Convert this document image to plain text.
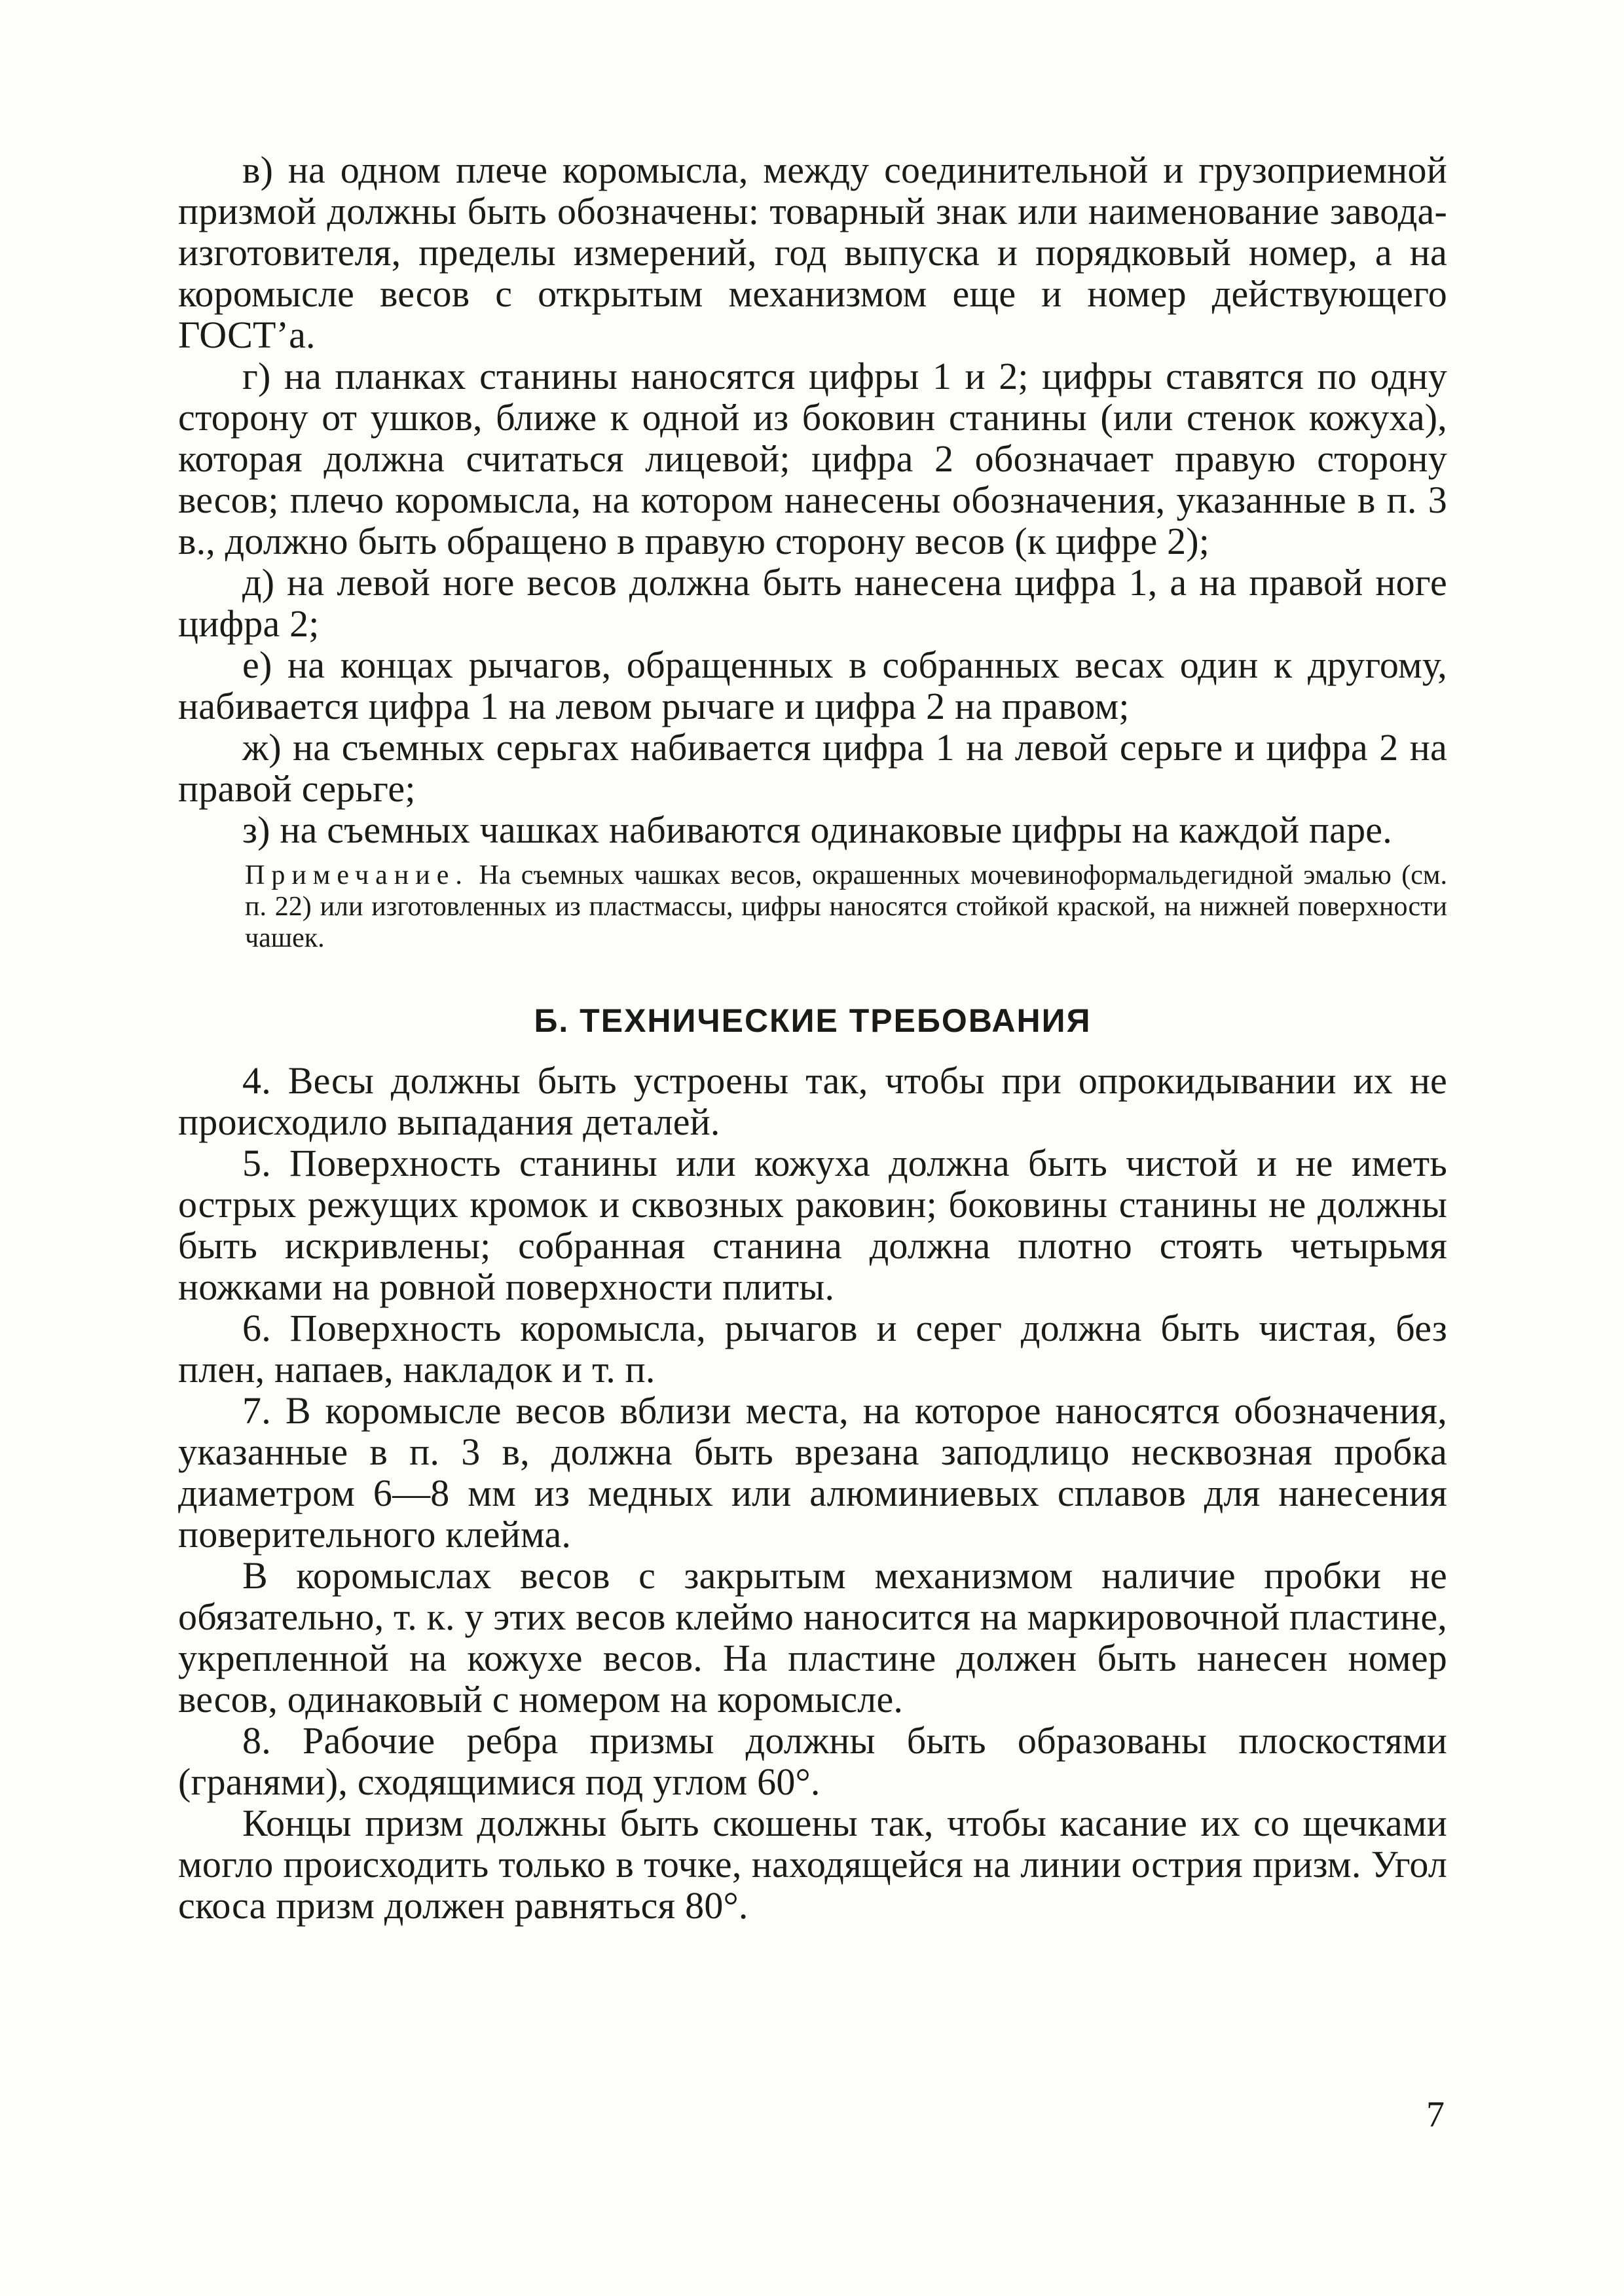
в) на одном плече коромысла, между соединительной и грузоприемной призмой должны быть обозначены: товарный знак или наименование завода-изготовителя, пределы измерений, год выпуска и порядковый номер, а на коромысле весов с открытым механизмом еще и номер действующего ГОСТ’а.

г) на планках станины наносятся цифры 1 и 2; цифры ставятся по одну сторону от ушков, ближе к одной из боковин станины (или стенок кожуха), которая должна считаться лицевой; цифра 2 обозначает правую сторону весов; плечо коромысла, на котором нанесены обозначения, указанные в п. 3 в., должно быть обращено в правую сторону весов (к цифре 2);

д) на левой ноге весов должна быть нанесена цифра 1, а на правой ноге цифра 2;

е) на концах рычагов, обращенных в собранных весах один к другому, набивается цифра 1 на левом рычаге и цифра 2 на правом;

ж) на съемных серьгах набивается цифра 1 на левой серьге и цифра 2 на правой серьге;

з) на съемных чашках набиваются одинаковые цифры на каждой паре.

Примечание. На съемных чашках весов, окрашенных мочевиноформальдегидной эмалью (см. п. 22) или изготовленных из пластмассы, цифры наносятся стойкой краской, на нижней поверхности чашек.

Б. ТЕХНИЧЕСКИЕ ТРЕБОВАНИЯ

4. Весы должны быть устроены так, чтобы при опрокидывании их не происходило выпадания деталей.

5. Поверхность станины или кожуха должна быть чистой и не иметь острых режущих кромок и сквозных раковин; боковины станины не должны быть искривлены; собранная станина должна плотно стоять четырьмя ножками на ровной поверхности плиты.

6. Поверхность коромысла, рычагов и серег должна быть чистая, без плен, напаев, накладок и т. п.

7. В коромысле весов вблизи места, на которое наносятся обозначения, указанные в п. 3 в, должна быть врезана заподлицо несквозная пробка диаметром 6—8 мм из медных или алюминиевых сплавов для нанесения поверительного клейма.

В коромыслах весов с закрытым механизмом наличие пробки не обязательно, т. к. у этих весов клеймо наносится на маркировочной пластине, укрепленной на кожухе весов. На пластине должен быть нанесен номер весов, одинаковый с номером на коромысле.

8. Рабочие ребра призмы должны быть образованы плоскостями (гранями), сходящимися под углом 60°.

Концы призм должны быть скошены так, чтобы касание их со щечками могло происходить только в точке, находящейся на линии острия призм. Угол скоса призм должен равняться 80°.

7
